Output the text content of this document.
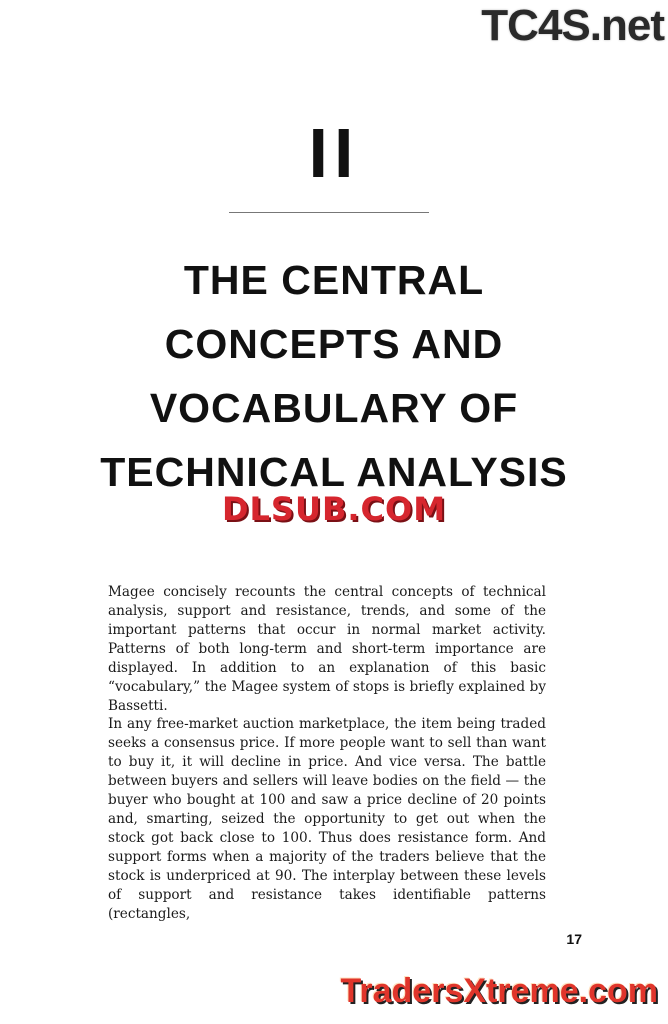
TC4S.net
II
THE CENTRAL
CONCEPTS AND
VOCABULARY OF
TECHNICAL ANALYSIS
DLSUB.COM

Magee concisely recounts the central concepts of technical analysis, support and resistance, trends, and some of the important patterns that occur in normal market activity. Patterns of both long-term and short-term importance are displayed. In addition to an explanation of this basic “vocabulary,” the Magee system of stops is briefly explained by Bassetti.

In any free-market auction marketplace, the item being traded seeks a consensus price. If more people want to sell than want to buy it, it will decline in price. And vice versa. The battle between buyers and sellers will leave bodies on the field — the buyer who bought at 100 and saw a price decline of 20 points and, smarting, seized the opportunity to get out when the stock got back close to 100. Thus does resistance form. And support forms when a majority of the traders believe that the stock is underpriced at 90. The interplay between these levels of support and resistance takes identifiable patterns (rectangles,

17
TradersXtreme.com
